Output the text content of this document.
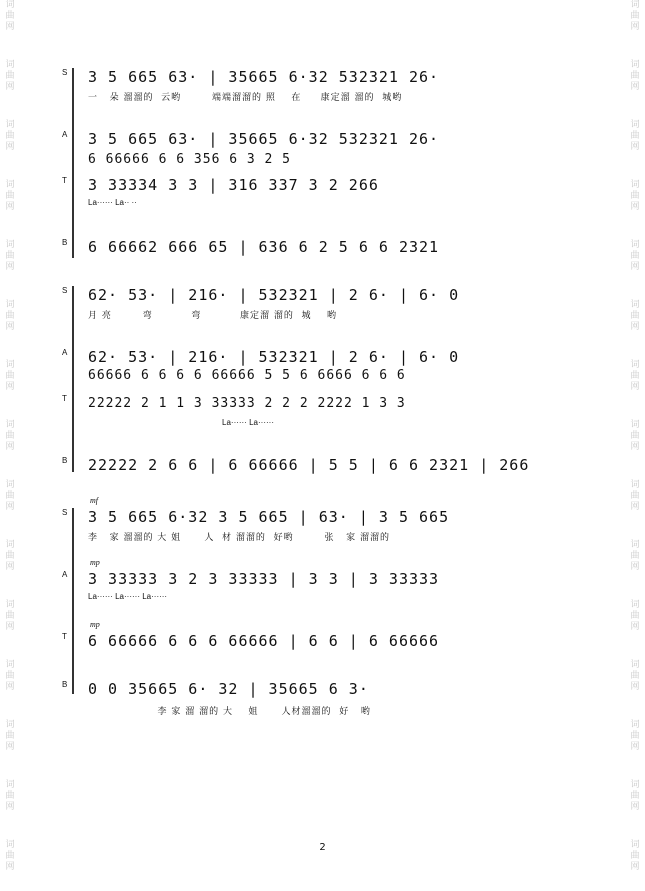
词曲网
词曲网
词曲网
词曲网
词曲网
词曲网
词曲网
词曲网
词曲网
词曲网
词曲网
词曲网
词曲网
词曲网
词曲网
词曲网
词曲网
词曲网
词曲网
词曲网
词曲网
词曲网
词曲网
词曲网
词曲网
词曲网
词曲网
词曲网
词曲网
词曲网
S 3 5 665 63· | 35665 6·32 532321 26·
一   朵 溜溜的  云哟        端端溜溜的 照    在     康定溜 溜的  城哟
A 3 5 665 63· | 35665 6·32 532321 26·
6 66666 6 6 356 6 3 2 5
T 3 33334 3 3 | 316 337 3 2 266
La······ La·· ··
B 6 66662 666 65 | 636 6 2 5 6 6 2321
S 62· 53· | 216· | 532321 | 2 6· | 6· 0
月 亮        弯          弯          康定溜 溜的  城    哟
A 62· 53· | 216· | 532321 | 2 6· | 6· 0
66666 6 6 6 6 66666 5 5 6 6666 6 6 6
T 22222 2 1 1 3 33333 2 2 2 2222 1 3 3
La······ La······
B 22222 2 6 6 | 6 66666 | 5 5 | 6 6 2321 | 266
mf
S 3 5 665 6·32 3 5 665 | 63· | 3 5 665
李   家 溜溜的 大 姐      人  材 溜溜的  好哟        张   家 溜溜的
mp
A 3 33333 3 2 3 33333 | 3 3 | 3 33333
La······ La······ La······
mp
T 6 66666 6 6 6 66666 | 6 6 | 6 66666
B 0 0 35665 6· 32 | 35665 6 3·
李 家 溜 溜的 大    姐      人材溜溜的  好   哟
2
